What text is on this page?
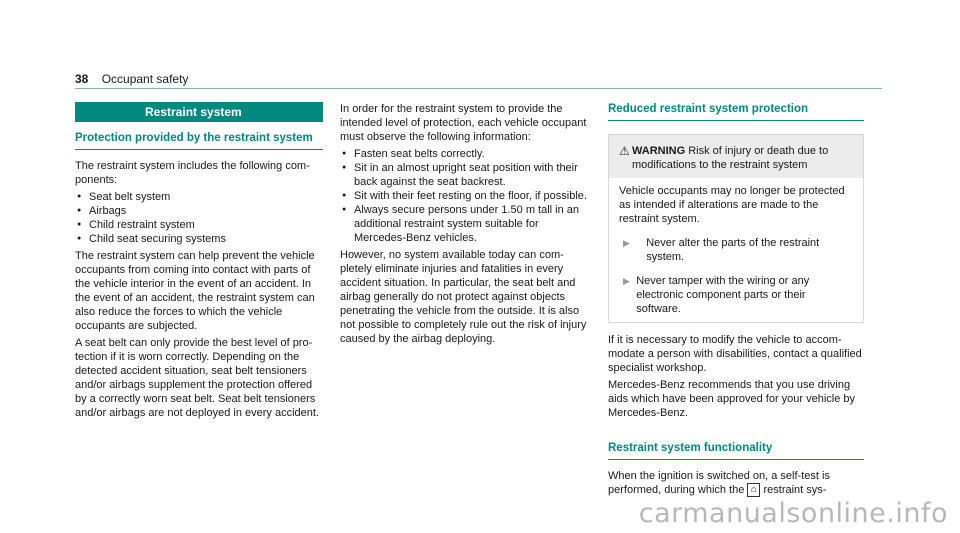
38 Occupant safety
Restraint system
Protection provided by the restraint system

The restraint system includes the following components:

● Seat belt system
● Airbags
● Child restraint system
● Child seat securing systems

The restraint system can help prevent the vehicle occupants from coming into contact with parts of the vehicle interior in the event of an accident. In the event of an accident, the restraint system can also reduce the forces to which the vehicle occupants are subjected.

A seat belt can only provide the best level of protection if it is worn correctly. Depending on the detected accident situation, seat belt tensioners and/or airbags supplement the protection offered by a correctly worn seat belt. Seat belt tensioners and/or airbags are not deployed in every accident.

In order for the restraint system to provide the intended level of protection, each vehicle occupant must observe the following information:

● Fasten seat belts correctly.
● Sit in an almost upright seat position with their back against the seat backrest.
● Sit with their feet resting on the floor, if possible.
● Always secure persons under 1.50 m tall in an additional restraint system suitable for Mercedes-Benz vehicles.

However, no system available today can completely eliminate injuries and fatalities in every accident situation. In particular, the seat belt and airbag generally do not protect against objects penetrating the vehicle from the outside. It is also not possible to completely rule out the risk of injury caused by the airbag deploying.

Reduced restraint system protection
⚠ WARNING Risk of injury or death due to modifications to the restraint system
Vehicle occupants may no longer be protected as intended if alterations are made to the restraint system.
▶	Never alter the parts of the restraint system.
▶ Never tamper with the wiring or any electronic component parts or their software.

If it is necessary to modify the vehicle to accommodate a person with disabilities, contact a qualified specialist workshop.

Mercedes-Benz recommends that you use driving aids which have been approved for your vehicle by Mercedes-Benz.

Restraint system functionality

When the ignition is switched on, a self-test is performed, during which the ⌂ restraint sys-

carmanualsonline.info
